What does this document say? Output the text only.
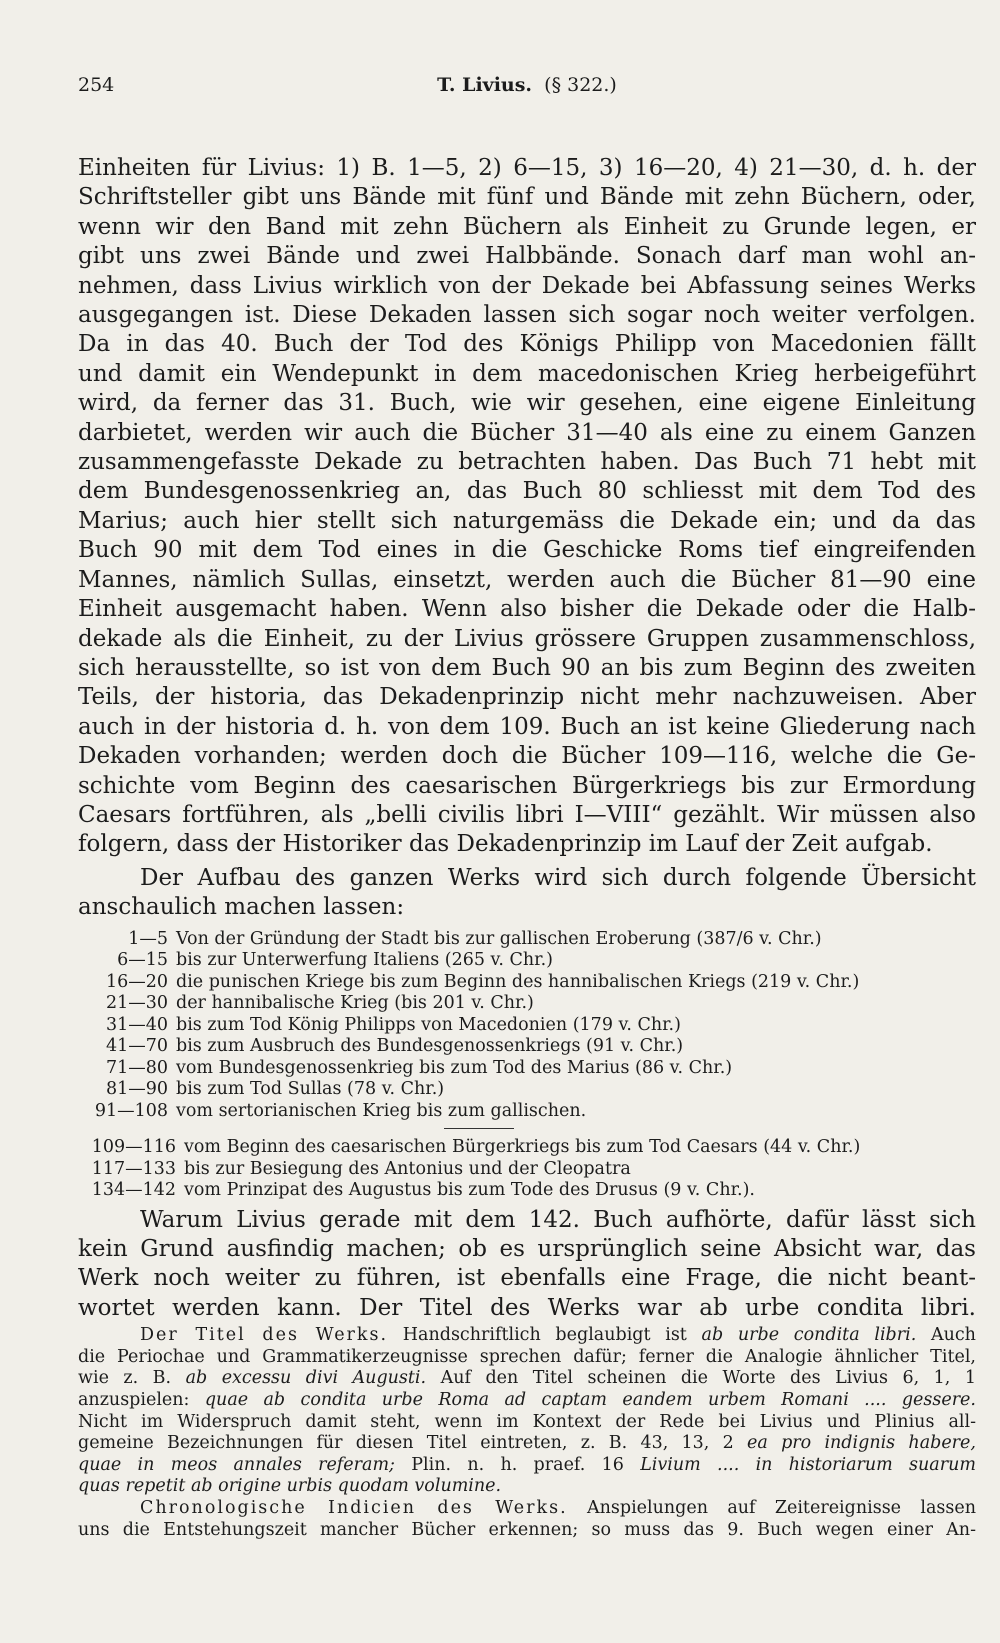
254	T. Livius. (§ 322.)
Einheiten für Livius: 1) B. 1—5, 2) 6—15, 3) 16—20, 4) 21—30, d. h. der
Schriftsteller gibt uns Bände mit fünf und Bände mit zehn Büchern, oder,
wenn wir den Band mit zehn Büchern als Einheit zu Grunde legen, er
gibt uns zwei Bände und zwei Halbbände. Sonach darf man wohl an-
nehmen, dass Livius wirklich von der Dekade bei Abfassung seines Werks
ausgegangen ist. Diese Dekaden lassen sich sogar noch weiter verfolgen.
Da in das 40. Buch der Tod des Königs Philipp von Macedonien fällt
und damit ein Wendepunkt in dem macedonischen Krieg herbeigeführt
wird, da ferner das 31. Buch, wie wir gesehen, eine eigene Einleitung
darbietet, werden wir auch die Bücher 31—40 als eine zu einem Ganzen
zusammengefasste Dekade zu betrachten haben. Das Buch 71 hebt mit
dem Bundesgenossenkrieg an, das Buch 80 schliesst mit dem Tod des
Marius; auch hier stellt sich naturgemäss die Dekade ein; und da das
Buch 90 mit dem Tod eines in die Geschicke Roms tief eingreifenden
Mannes, nämlich Sullas, einsetzt, werden auch die Bücher 81—90 eine
Einheit ausgemacht haben. Wenn also bisher die Dekade oder die Halb-
dekade als die Einheit, zu der Livius grössere Gruppen zusammenschloss,
sich herausstellte, so ist von dem Buch 90 an bis zum Beginn des zweiten
Teils, der historia, das Dekadenprinzip nicht mehr nachzuweisen. Aber
auch in der historia d. h. von dem 109. Buch an ist keine Gliederung nach
Dekaden vorhanden; werden doch die Bücher 109—116, welche die Ge-
schichte vom Beginn des caesarischen Bürgerkriegs bis zur Ermordung
Caesars fortführen, als „belli civilis libri I—VIII“ gezählt. Wir müssen also
folgern, dass der Historiker das Dekadenprinzip im Lauf der Zeit aufgab.
Der Aufbau des ganzen Werks wird sich durch folgende Übersicht
anschaulich machen lassen:
1—5 Von der Gründung der Stadt bis zur gallischen Eroberung (387/6 v. Chr.)
6—15 bis zur Unterwerfung Italiens (265 v. Chr.)
16—20 die punischen Kriege bis zum Beginn des hannibalischen Kriegs (219 v. Chr.)
21—30 der hannibalische Krieg (bis 201 v. Chr.)
31—40 bis zum Tod König Philipps von Macedonien (179 v. Chr.)
41—70 bis zum Ausbruch des Bundesgenossenkriegs (91 v. Chr.)
71—80 vom Bundesgenossenkrieg bis zum Tod des Marius (86 v. Chr.)
81—90 bis zum Tod Sullas (78 v. Chr.)
91—108 vom sertorianischen Krieg bis zum gallischen.
109—116 vom Beginn des caesarischen Bürgerkriegs bis zum Tod Caesars (44 v. Chr.)
117—133 bis zur Besiegung des Antonius und der Cleopatra
134—142 vom Prinzipat des Augustus bis zum Tode des Drusus (9 v. Chr.).
Warum Livius gerade mit dem 142. Buch aufhörte, dafür lässt sich
kein Grund ausfindig machen; ob es ursprünglich seine Absicht war, das
Werk noch weiter zu führen, ist ebenfalls eine Frage, die nicht beant-
wortet werden kann. Der Titel des Werks war ab urbe condita libri.
Der Titel des Werks. Handschriftlich beglaubigt ist ab urbe condita libri. Auch
die Periochae und Grammatikerzeugnisse sprechen dafür; ferner die Analogie ähnlicher Titel,
wie z. B. ab excessu divi Augusti. Auf den Titel scheinen die Worte des Livius 6, 1, 1
anzuspielen: quae ab condita urbe Roma ad captam eandem urbem Romani .... gessere.
Nicht im Widerspruch damit steht, wenn im Kontext der Rede bei Livius und Plinius all-
gemeine Bezeichnungen für diesen Titel eintreten, z. B. 43, 13, 2 ea pro indignis habere,
quae in meos annales referam; Plin. n. h. praef. 16 Livium .... in historiarum suarum
quas repetit ab origine urbis quodam volumine.
Chronologische Indicien des Werks. Anspielungen auf Zeitereignisse lassen
uns die Entstehungszeit mancher Bücher erkennen; so muss das 9. Buch wegen einer An-
